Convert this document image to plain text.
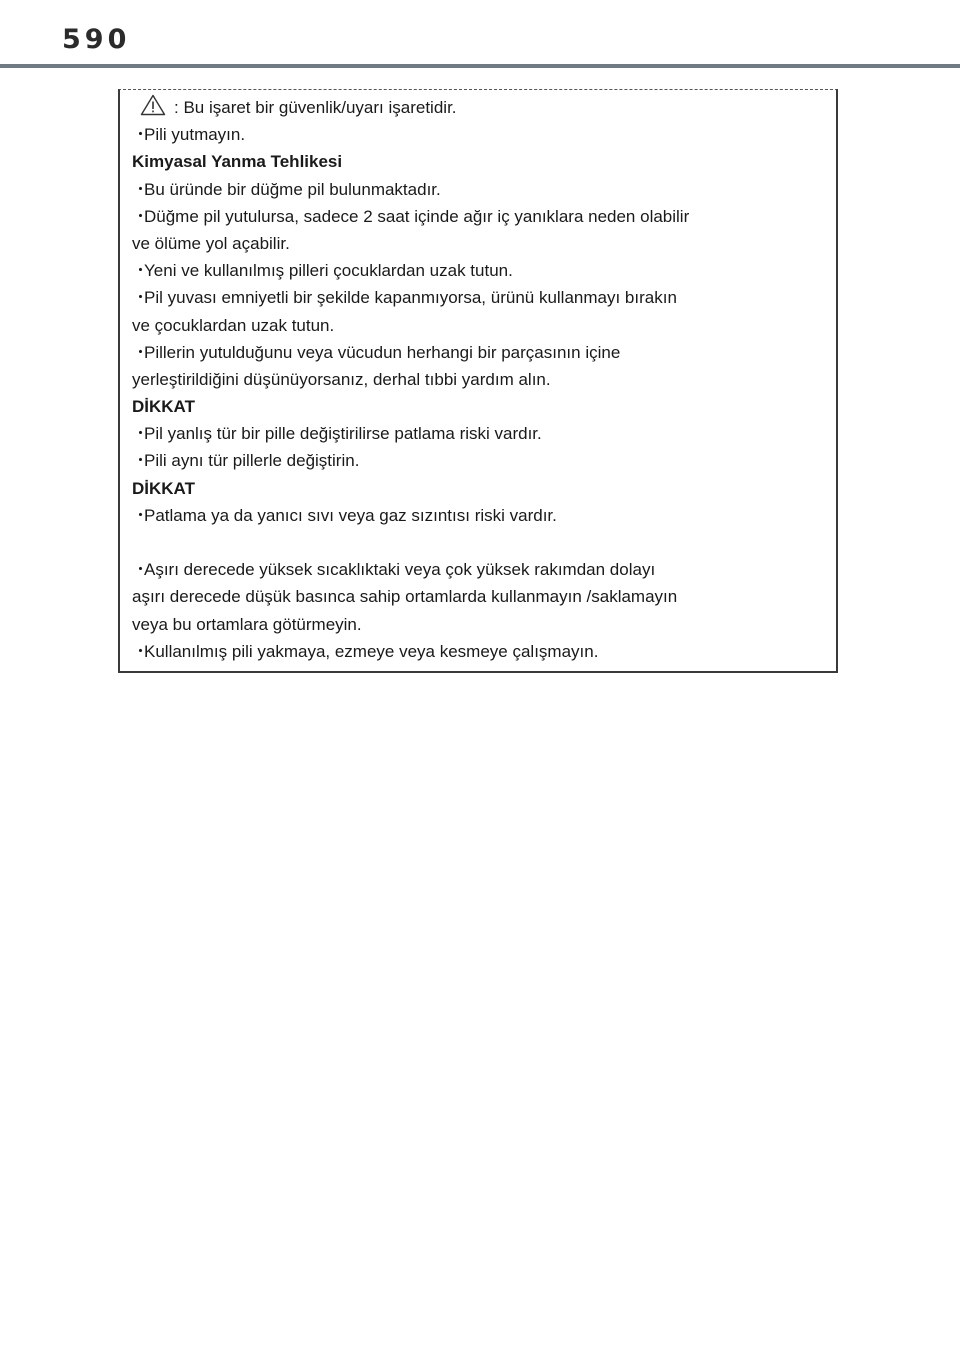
590
: Bu işaret bir güvenlik/uyarı işaretidir.
・Pili yutmayın.
Kimyasal Yanma Tehlikesi
・Bu üründe bir düğme pil bulunmaktadır.
・Düğme pil yutulursa, sadece 2 saat içinde ağır iç yanıklara neden olabilir
ve ölüme yol açabilir.
・Yeni ve kullanılmış pilleri çocuklardan uzak tutun.
・Pil yuvası emniyetli bir şekilde kapanmıyorsa, ürünü kullanmayı bırakın
ve çocuklardan uzak tutun.
・Pillerin yutulduğunu veya vücudun herhangi bir parçasının içine
yerleştirildiğini düşünüyorsanız, derhal tıbbi yardım alın.
DİKKAT
・Pil yanlış tür bir pille değiştirilirse patlama riski vardır.
・Pili aynı tür pillerle değiştirin.
DİKKAT
・Patlama ya da yanıcı sıvı veya gaz sızıntısı riski vardır.
・Aşırı derecede yüksek sıcaklıktaki veya çok yüksek rakımdan dolayı
aşırı derecede düşük basınca sahip ortamlarda kullanmayın /saklamayın
veya bu ortamlara götürmeyin.
・Kullanılmış pili yakmaya, ezmeye veya kesmeye çalışmayın.
